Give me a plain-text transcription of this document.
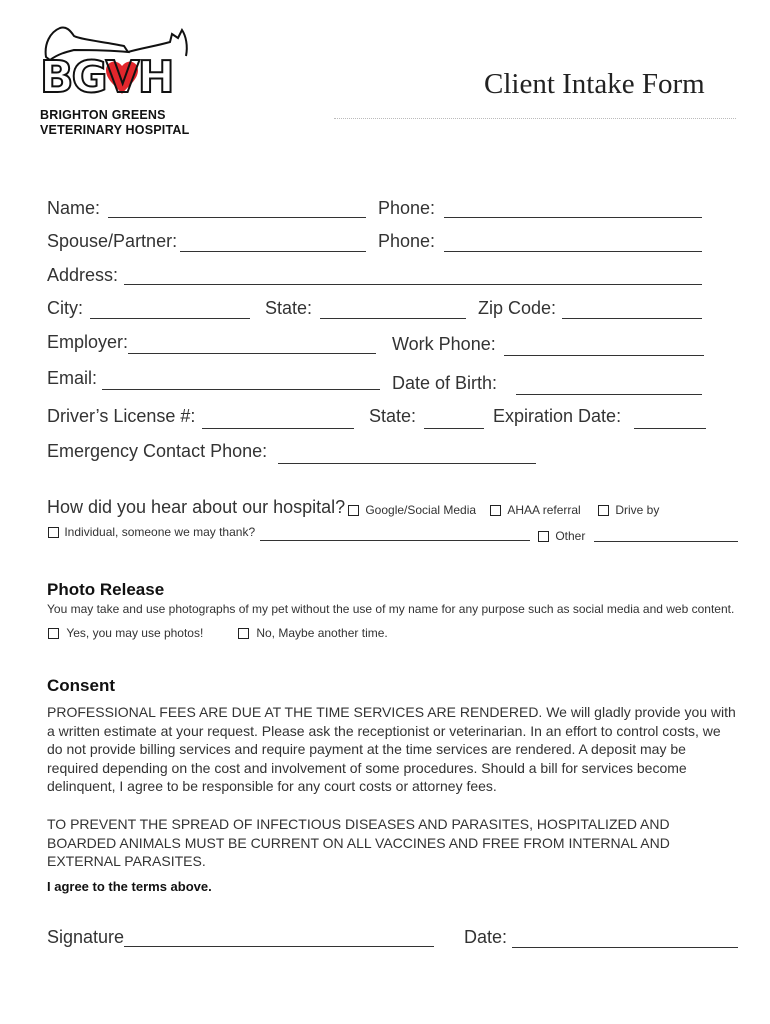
BGVH
BRIGHTON GREENS
VETERINARY HOSPITAL
Client Intake Form
Name:	Phone:
Spouse/Partner:	Phone:
Address:
City:	State:	Zip Code:
Employer:	Work Phone:
Email:	Date of Birth:
Driver’s License #:	State:	Expiration Date:
Emergency Contact Phone:
How did you hear about our hospital?	Google/Social Media	AHAA referral	Drive by
Individual, someone we may thank?	Other
Photo Release
You may take and use photographs of my pet without the use of my name for any purpose such as social media and web content.
Yes, you may use photos!	No, Maybe another time.
Consent
PROFESSIONAL FEES ARE DUE AT THE TIME SERVICES ARE RENDERED. We will gladly provide you with a written estimate at your request. Please ask the receptionist or veterinarian. In an effort to control costs, we do not provide billing services and require payment at the time services are rendered. A deposit may be required depending on the cost and involvement of some procedures. Should a bill for services become delinquent, I agree to be responsible for any court costs or attorney fees.
TO PREVENT THE SPREAD OF INFECTIOUS DISEASES AND PARASITES, HOSPITALIZED AND BOARDED ANIMALS MUST BE CURRENT ON ALL VACCINES AND FREE FROM INTERNAL AND EXTERNAL PARASITES.
I agree to the terms above.
Signature	Date:
